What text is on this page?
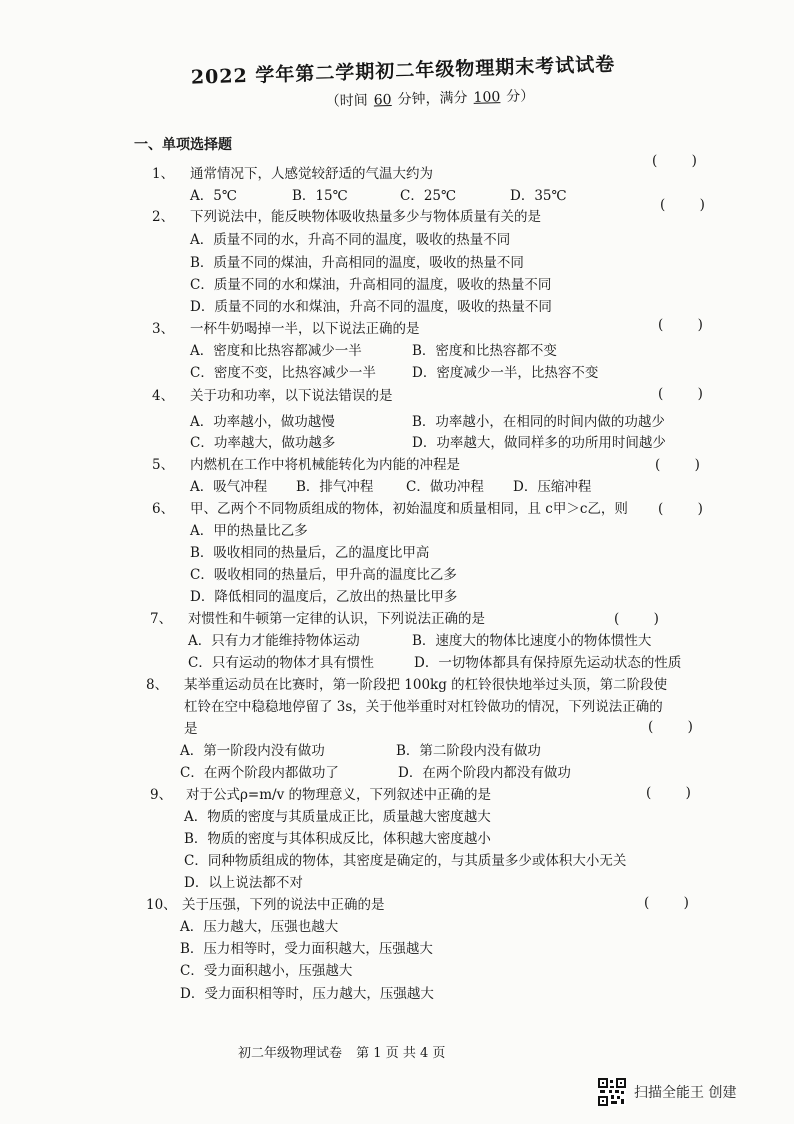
2022 学年第二学期初二年级物理期末考试试卷
（时间 60 分钟，满分 100 分）
一、单项选择题
1、 通常情况下，人感觉较舒适的气温大约为
(        )
A．5℃	B．15℃	C．25℃	D．35℃
2、 下列说法中，能反映物体吸收热量多少与物体质量有关的是
(        )
A．质量不同的水，升高不同的温度，吸收的热量不同
B．质量不同的煤油，升高相同的温度，吸收的热量不同
C．质量不同的水和煤油，升高相同的温度，吸收的热量不同
D．质量不同的水和煤油，升高不同的温度，吸收的热量不同
3、 一杯牛奶喝掉一半，以下说法正确的是	(        )
A．密度和比热容都减少一半	B．密度和比热容都不变
C．密度不变，比热容减少一半	D．密度减少一半，比热容不变
4、 关于功和功率，以下说法错误的是	(        )
A．功率越小，做功越慢	B．功率越小，在相同的时间内做的功越少
C．功率越大，做功越多	D．功率越大，做同样多的功所用时间越少
5、 内燃机在工作中将机械能转化为内能的冲程是	(        )
A．吸气冲程 B．排气冲程 C．做功冲程 D．压缩冲程
6、 甲、乙两个不同物质组成的物体，初始温度和质量相同，且 c甲＞c乙，则 (        )
A．甲的热量比乙多
B．吸收相同的热量后，乙的温度比甲高
C．吸收相同的热量后，甲升高的温度比乙多
D．降低相同的温度后，乙放出的热量比甲多
7、 对惯性和牛顿第一定律的认识，下列说法正确的是	(        )
A．只有力才能维持物体运动	B．速度大的物体比速度小的物体惯性大
C．只有运动的物体才具有惯性	D．一切物体都具有保持原先运动状态的性质
8、 某举重运动员在比赛时，第一阶段把 100kg 的杠铃很快地举过头顶，第二阶段使
杠铃在空中稳稳地停留了 3s，关于他举重时对杠铃做功的情况，下列说法正确的
是	(        )
A．第一阶段内没有做功	B．第二阶段内没有做功
C．在两个阶段内都做功了	D．在两个阶段内都没有做功
9、 对于公式ρ=m/v 的物理意义，下列叙述中正确的是	(        )
A．物质的密度与其质量成正比，质量越大密度越大
B．物质的密度与其体积成反比，体积越大密度越小
C．同种物质组成的物体，其密度是确定的，与其质量多少或体积大小无关
D．以上说法都不对
10、 关于压强，下列的说法中正确的是	(        )
A．压力越大，压强也越大
B．压力相等时，受力面积越大，压强越大
C．受力面积越小，压强越大
D．受力面积相等时，压力越大，压强越大
初二年级物理试卷 第 1 页 共 4 页
扫描全能王 创建
